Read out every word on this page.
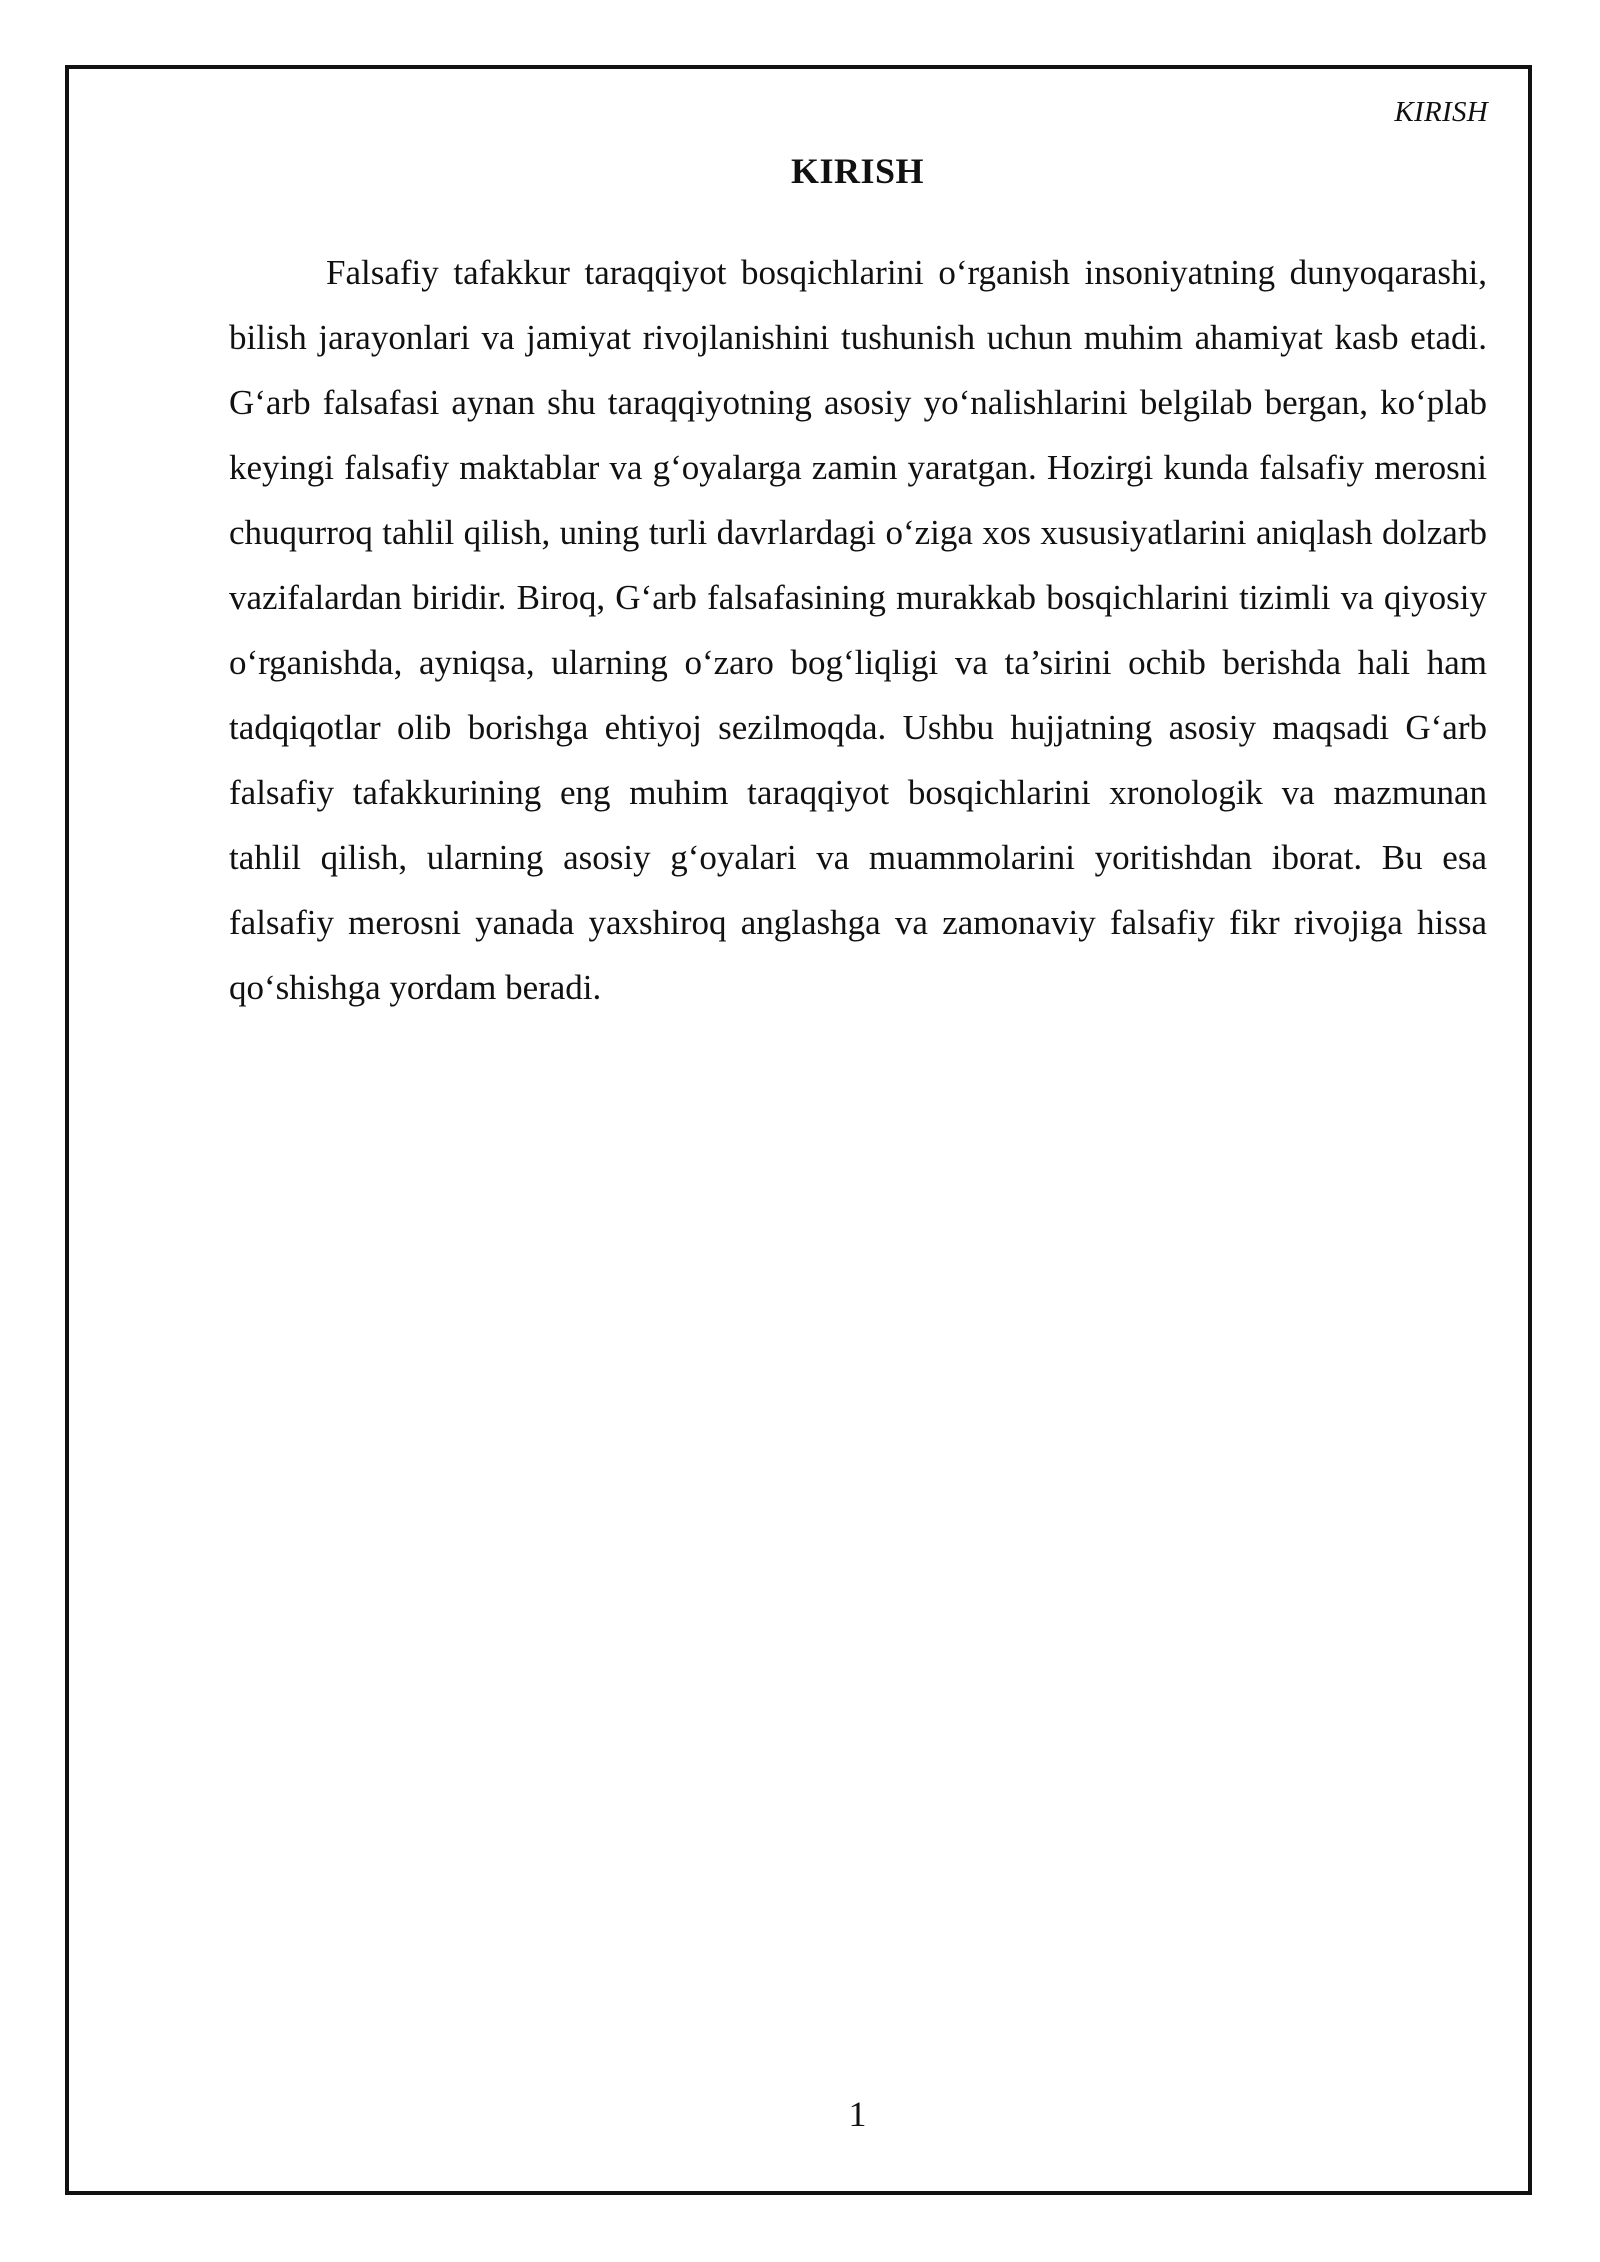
KIRISH
KIRISH

Falsafiy tafakkur taraqqiyot bosqichlarini o‘rganish insoniyatning dunyoqarashi, bilish jarayonlari va jamiyat rivojlanishini tushunish uchun muhim ahamiyat kasb etadi. G‘arb falsafasi aynan shu taraqqiyotning asosiy yo‘nalishlarini belgilab bergan, ko‘plab keyingi falsafiy maktablar va g‘oyalarga zamin yaratgan. Hozirgi kunda falsafiy merosni chuqurroq tahlil qilish, uning turli davrlardagi o‘ziga xos xususiyatlarini aniqlash dolzarb vazifalardan biridir. Biroq, G‘arb falsafasining murakkab bosqichlarini tizimli va qiyosiy o‘rganishda, ayniqsa, ularning o‘zaro bog‘liqligi va ta’sirini ochib berishda hali ham tadqiqotlar olib borishga ehtiyoj sezilmoqda. Ushbu hujjatning asosiy maqsadi G‘arb falsafiy tafakkurining eng muhim taraqqiyot bosqichlarini xronologik va mazmunan tahlil qilish, ularning asosiy g‘oyalari va muammolarini yoritishdan iborat. Bu esa falsafiy merosni yanada yaxshiroq anglashga va zamonaviy falsafiy fikr rivojiga hissa qo‘shishga yordam beradi.

1
